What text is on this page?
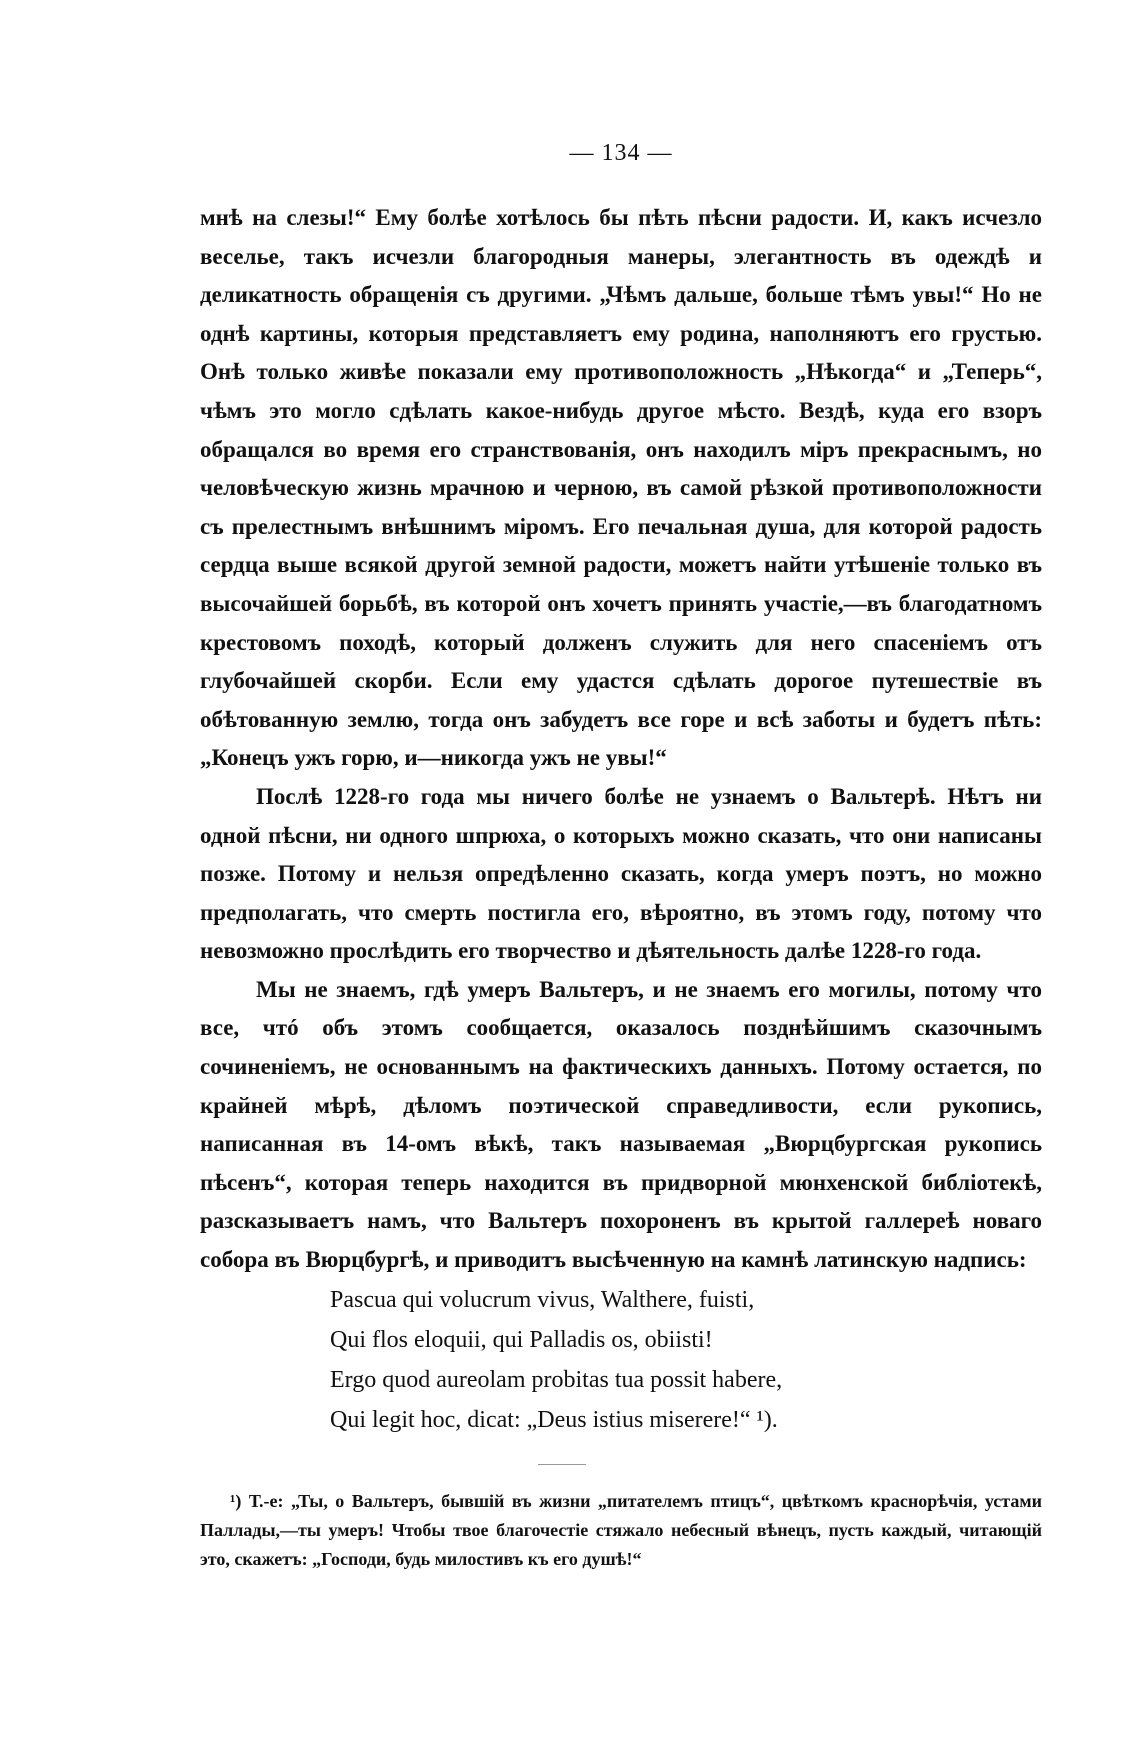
— 134 —

мнѣ на слезы!“ Ему болѣе хотѣлось бы пѣть пѣсни радости. И, какъ исчезло веселье, такъ исчезли благородныя манеры, элегантность въ одеждѣ и деликатность обращенія съ другими. „Чѣмъ дальше, больше тѣмъ увы!“ Но не однѣ картины, которыя представляетъ ему родина, наполняютъ его грустью. Онѣ только живѣе показали ему противоположность „Нѣкогда“ и „Теперь“, чѣмъ это могло сдѣлать какое-нибудь другое мѣсто. Вездѣ, куда его взоръ обращался во время его странствованія, онъ находилъ міръ прекраснымъ, но человѣческую жизнь мрачною и черною, въ самой рѣзкой противоположности съ прелестнымъ внѣшнимъ міромъ. Его печальная душа, для которой радость сердца выше всякой другой земной радости, можетъ найти утѣшеніе только въ высочайшей борьбѣ, въ которой онъ хочетъ принять участіе,—въ благодатномъ крестовомъ походѣ, который долженъ служить для него спасеніемъ отъ глубочайшей скорби. Если ему удастся сдѣлать дорогое путешествіе въ обѣтованную землю, тогда онъ забудетъ все горе и всѣ заботы и будетъ пѣть: „Конецъ ужъ горю, и—никогда ужъ не увы!“

Послѣ 1228-го года мы ничего болѣе не узнаемъ о Вальтерѣ. Нѣтъ ни одной пѣсни, ни одного шпрюха, о которыхъ можно сказать, что они написаны позже. Потому и нельзя опредѣленно сказать, когда умеръ поэтъ, но можно предполагать, что смерть постигла его, вѣроятно, въ этомъ году, потому что невозможно прослѣдить его творчество и дѣятельность далѣе 1228-го года.

Мы не знаемъ, гдѣ умеръ Вальтеръ, и не знаемъ его могилы, потому что все, чтó объ этомъ сообщается, оказалось позднѣйшимъ сказочнымъ сочиненіемъ, не основаннымъ на фактическихъ данныхъ. Потому остается, по крайней мѣрѣ, дѣломъ поэтической справедливости, если рукопись, написанная въ 14-омъ вѣкѣ, такъ называемая „Вюрцбургская рукопись пѣсенъ“, которая теперь находится въ придворной мюнхенской библіотекѣ, разсказываетъ намъ, что Вальтеръ похороненъ въ крытой галлереѣ новаго собора въ Вюрцбургѣ, и приводитъ высѣченную на камнѣ латинскую надпись:

Pascua qui volucrum vivus, Walthere, fuisti,
Qui flos eloquii, qui Palladis os, obiisti!
Ergo quod aureolam probitas tua possit habere,
Qui legit hoc, dicat: „Deus istius miserere!“ ¹).

¹) Т.-е: „Ты, о Вальтеръ, бывшій въ жизни „питателемъ птицъ“, цвѣткомъ краснорѣчія, устами Паллады,—ты умеръ! Чтобы твое благочестіе стяжало небесный вѣнецъ, пусть каждый, читающій это, скажетъ: „Господи, будь милостивъ къ его душѣ!“
